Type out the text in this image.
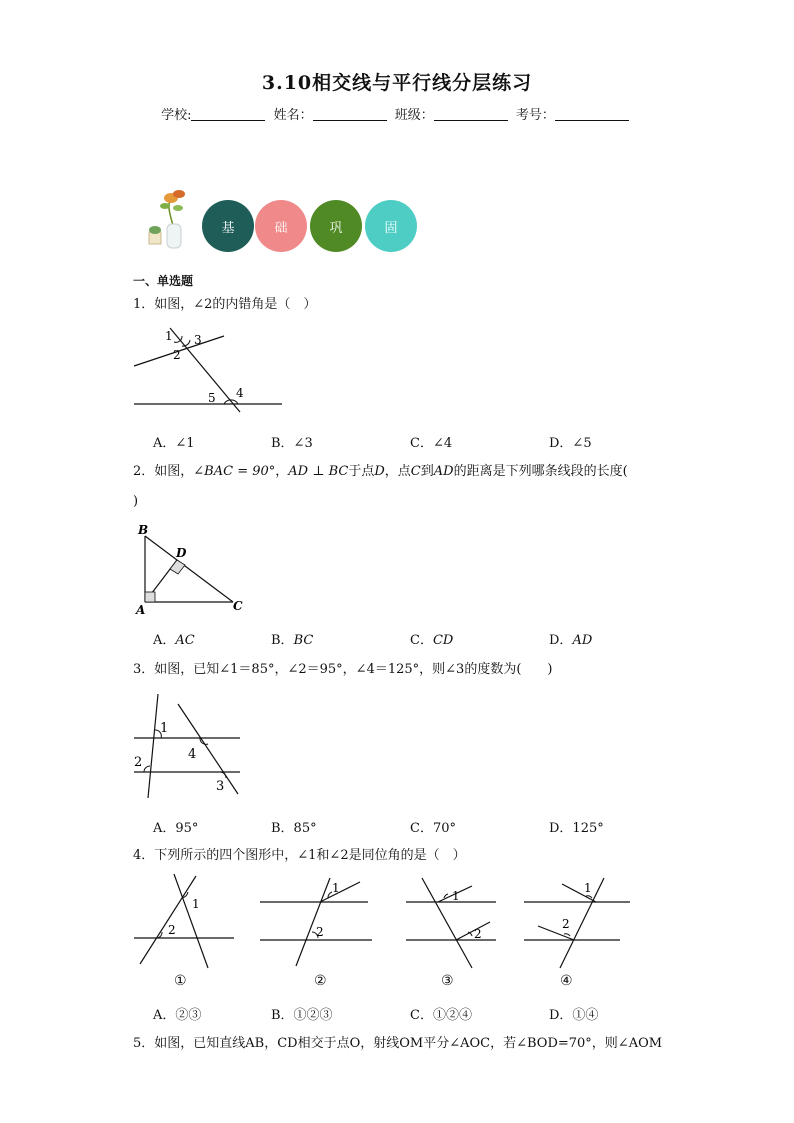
3.10相交线与平行线分层练习
学校:	姓名：	班级：	考号：
基	础	巩	固
一、单选题
1．如图，∠2的内错角是（　）
1
2
3
4
5
A．∠1	B．∠3	C．∠4	D．∠5
2．如图，∠BAC = 90°，AD ⊥ BC于点D，点C到AD的距离是下列哪条线段的长度(
)
B
D
A	C
A．AC	B．BC	C．CD	D．AD
3．如图，已知∠1＝85°，∠2＝95°，∠4＝125°，则∠3的度数为(　　)
1
2
3
4
A．95°	B．85°	C．70°	D．125°
4．下列所示的四个图形中，∠1和∠2是同位角的是（　）
1
2
①
1
2
②
1
2
③
1
2
④
A．②③	B．①②③	C．①②④	D．①④
5．如图，已知直线AB，CD相交于点O，射线OM平分∠AOC，若∠BOD=70°，则∠AOM
